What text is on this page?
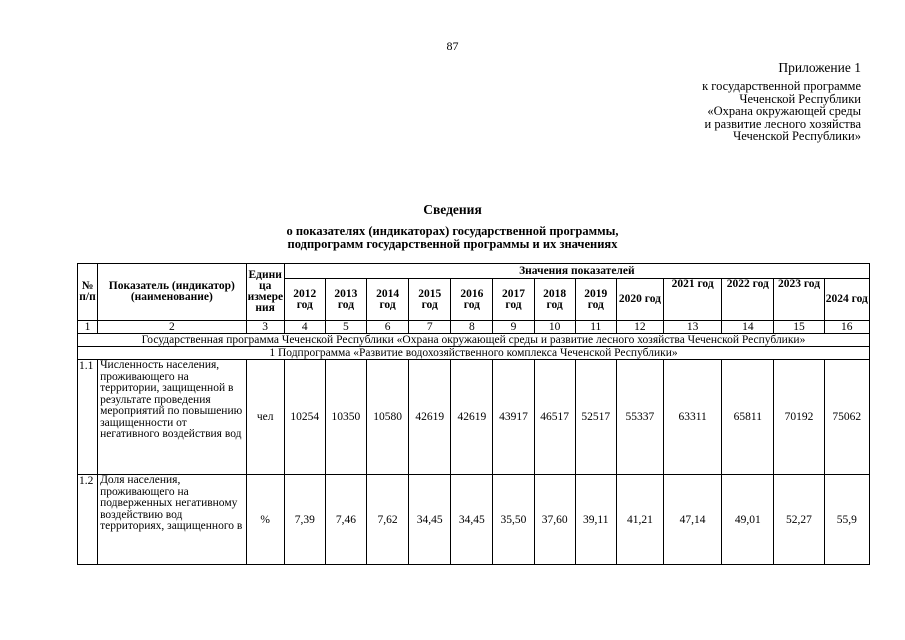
87
Приложение 1
к государственной программе
Чеченской Республики
«Охрана окружающей среды
и развитие лесного хозяйства
Чеченской Республики»
Сведения
о показателях (индикаторах) государственной программы,
подпрограмм государственной программы и их значениях
№ п/п	Показатель (индикатор) (наименование)	Едини ца измере ния	Значения показателей												
			2012 год	2013 год	2014 год	2015 год	2016 год	2017 год	2018 год	2019 год	2020 год	2021 год	2022 год	2023 год	2024 год
1	2	3	4	5	6	7	8	9	10	11	12	13	14	15	16
Государственная программа Чеченской Республики «Охрана окружающей среды и развитие лесного хозяйства Чеченской Республики»															
1 Подпрограмма «Развитие водохозяйственного комплекса Чеченской Республики»															
1.1	Численность населения, проживающего на территории, защищенной в результате проведения мероприятий по повышению защищенности от негативного воздействия вод	чел	10254	10350	10580	42619	42619	43917	46517	52517	55337	63311	65811	70192	75062
1.2	Доля населения, проживающего на подверженных негативному воздействию вод территориях, защищенного в	%	7,39	7,46	7,62	34,45	34,45	35,50	37,60	39,11	41,21	47,14	49,01	52,27	55,9
